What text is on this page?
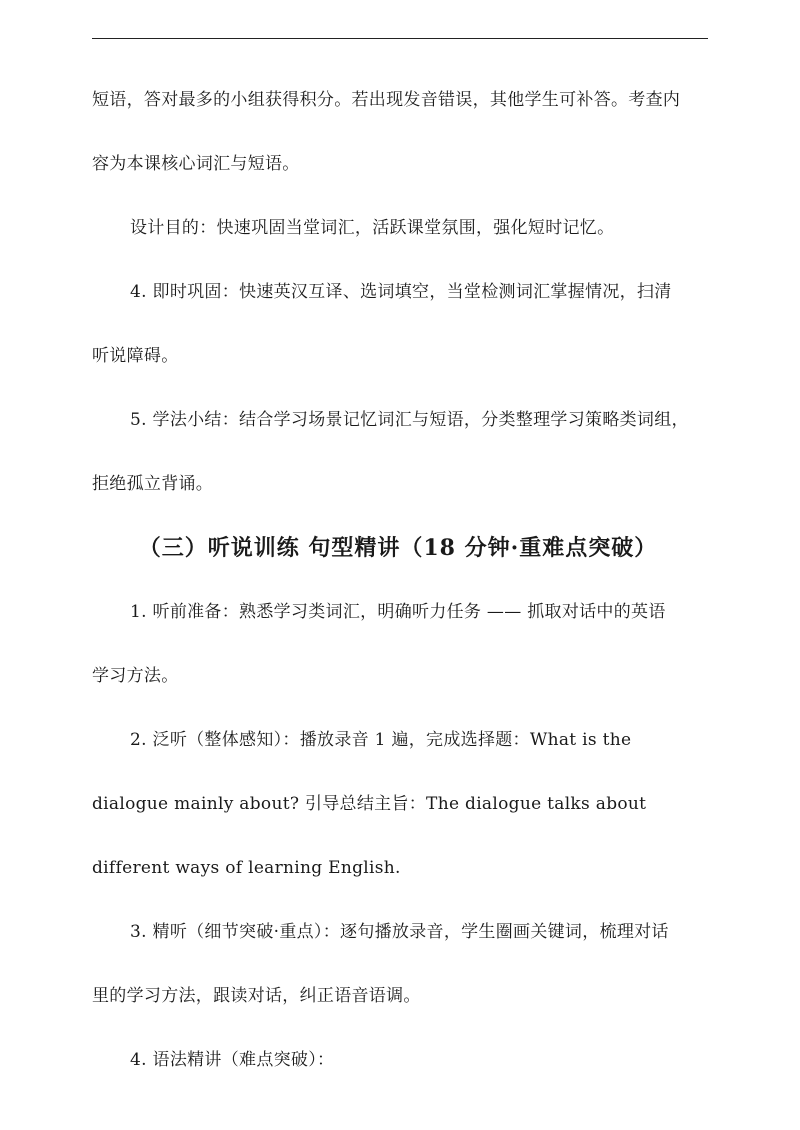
短语，答对最多的小组获得积分。若出现发音错误，其他学生可补答。考查内
容为本课核心词汇与短语。
设计目的：快速巩固当堂词汇，活跃课堂氛围，强化短时记忆。
4. 即时巩固：快速英汉互译、选词填空，当堂检测词汇掌握情况，扫清
听说障碍。
5. 学法小结：结合学习场景记忆词汇与短语，分类整理学习策略类词组，
拒绝孤立背诵。
（三）听说训练 句型精讲（18 分钟·重难点突破）
1. 听前准备：熟悉学习类词汇，明确听力任务 —— 抓取对话中的英语
学习方法。
2. 泛听（整体感知）：播放录音 1 遍，完成选择题：What is the
dialogue mainly about? 引导总结主旨：The dialogue talks about
different ways of learning English.
3. 精听（细节突破·重点）：逐句播放录音，学生圈画关键词，梳理对话
里的学习方法，跟读对话，纠正语音语调。
4. 语法精讲（难点突破）：
